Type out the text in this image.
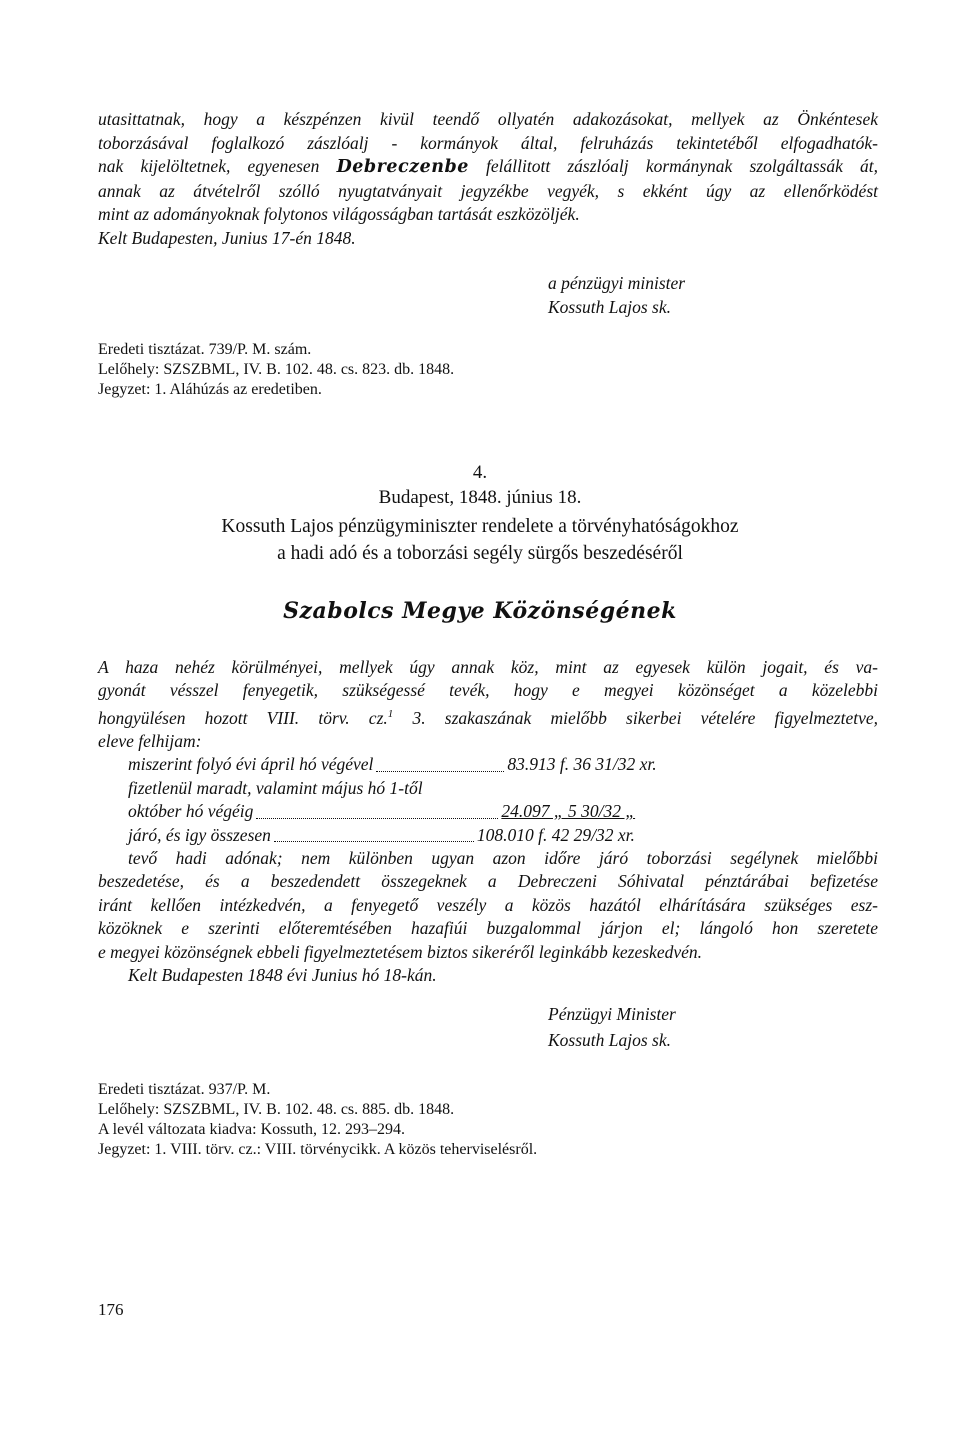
utasittatnak, hogy a készpénzen kivül teendő ollyatén adakozásokat, mellyek az Önkéntesek
toborzásával foglalkozó zászlóalj - kormányok által, felruházás tekintetéből elfogadhatók-
nak kijelöltetnek, egyenesen Debreczenbe felállitott zászlóalj kormánynak szolgáltassák át,
annak az átvételről szólló nyugtatványait jegyzékbe vegyék, s ekként úgy az ellenőrködést
mint az adományoknak folytonos világosságban tartását eszközöljék.
Kelt Budapesten, Junius 17-én 1848.
a pénzügyi minister
Kossuth Lajos sk.
Eredeti tisztázat. 739/P. M. szám.
Lelőhely: SZSZBML, IV. B. 102. 48. cs. 823. db. 1848.
Jegyzet: 1. Aláhúzás az eredetiben.
4.
Budapest, 1848. június 18.
Kossuth Lajos pénzügyminiszter rendelete a törvényhatóságokhoz
a hadi adó és a toborzási segély sürgős beszedéséről
Szabolcs Megye Közönségének
A haza nehéz körülményei, mellyek úgy annak köz, mint az egyesek külön jogait, és va-
gyonát vésszel fenyegetik, szükségessé tevék, hogy e megyei közönséget a közelebbi
hongyülésen hozott VIII. törv. cz.$^1$ 3. szakaszának mielőbb sikerbei vételére figyelmeztetve,
eleve felhijam:
miszerint folyó évi ápril hó végével	83.913 f. 36 31/32 xr.
fizetlenül maradt, valamint május hó 1-től
október hó végéig	24.097 „ 5 30/32 „
járó, és igy összesen	108.010 f. 42 29/32 xr.
tevő hadi adónak; nem különben ugyan azon időre járó toborzási segélynek mielőbbi
beszedetése, és a beszedendett összegeknek a Debreczeni Sóhivatal pénztárábai befizetése
iránt kellően intézkedvén, a fenyegető veszély a közös hazától elhárítására szükséges esz-
közöknek e szerinti előteremtésében hazafiúi buzgalommal járjon el; lángoló hon szeretete
e megyei közönségnek ebbeli figyelmeztetésem biztos sikeréről leginkább kezeskedvén.
Kelt Budapesten 1848 évi Junius hó 18-kán.
Pénzügyi Minister
Kossuth Lajos sk.
Eredeti tisztázat. 937/P. M.
Lelőhely: SZSZBML, IV. B. 102. 48. cs. 885. db. 1848.
A levél változata kiadva: Kossuth, 12. 293–294.
Jegyzet: 1. VIII. törv. cz.: VIII. törvénycikk. A közös teherviselésről.
176
